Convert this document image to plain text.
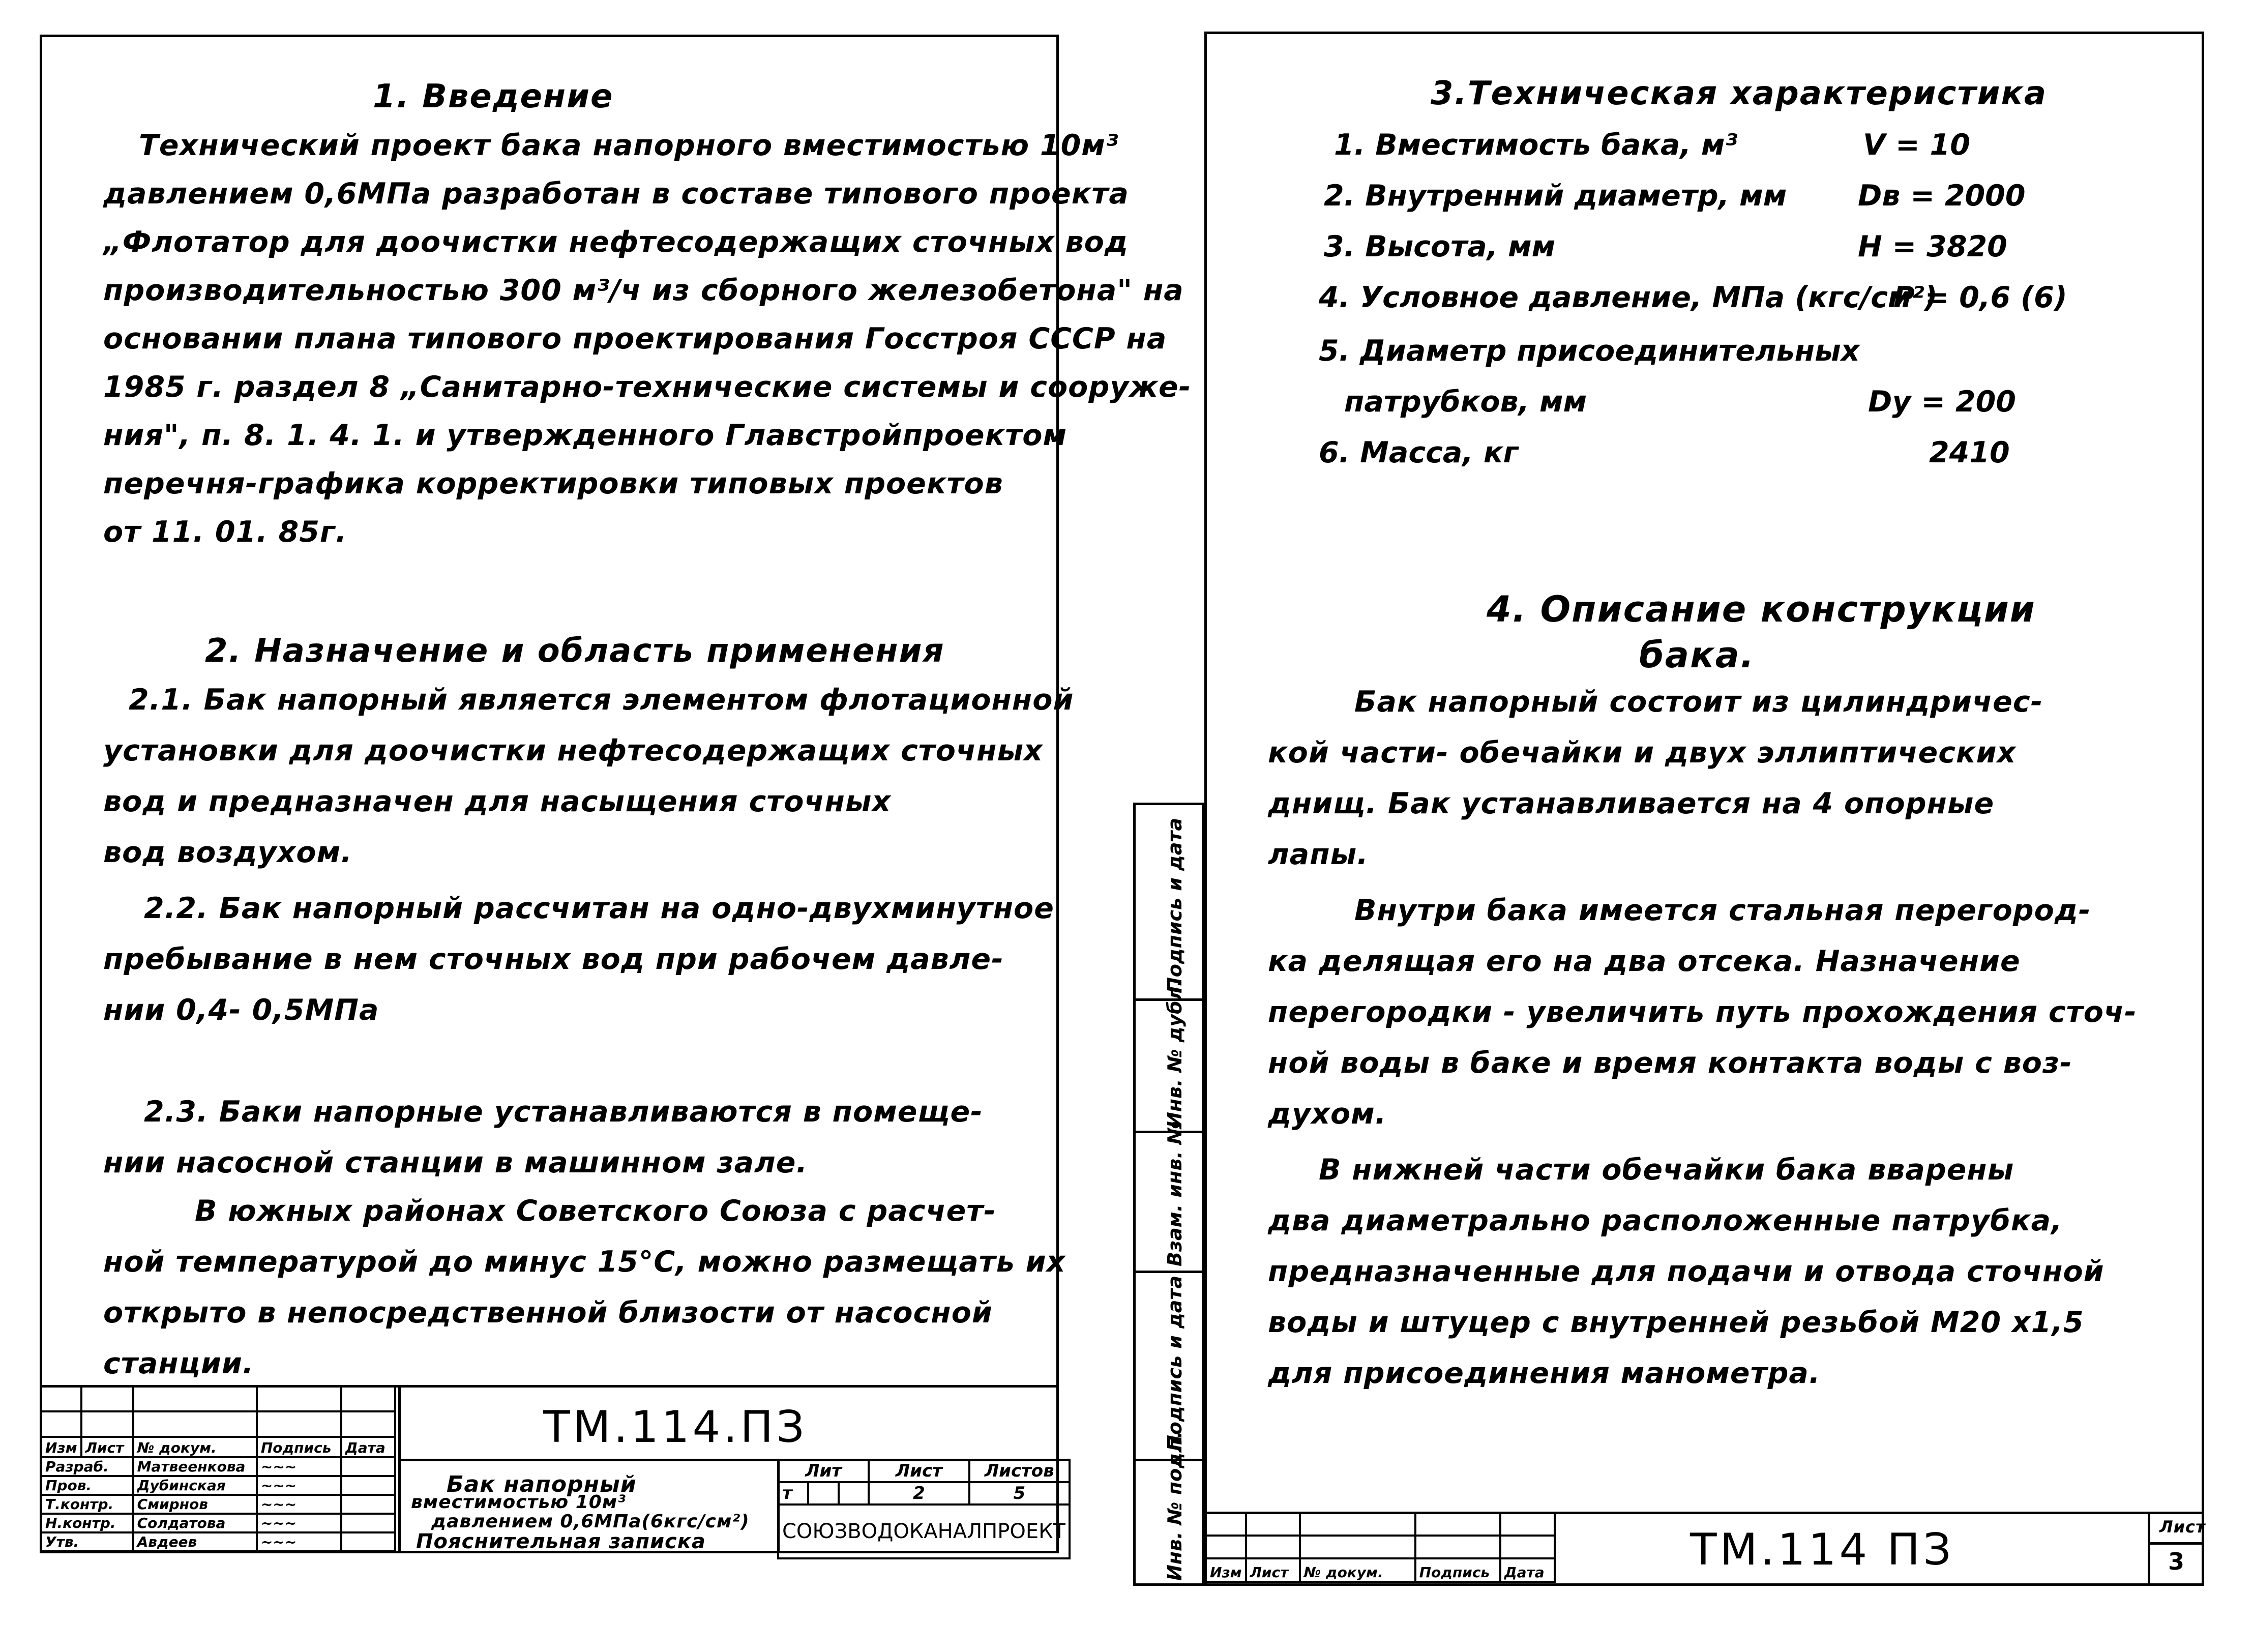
1. Введение
Технический проект бака напорного вместимостью 10м³
давлением 0,6МПа разработан в составе типового проекта
„Флотатор для доочистки нефтесодержащих сточных вод
производительностью 300 м³/ч из сборного железобетона" на
основании плана типового проектирования Госстроя СССР на
1985 г. раздел 8 „Санитарно-технические системы и сооруже-
ния", п. 8. 1. 4. 1. и утвержденного Главстройпроектом
перечня-графика корректировки типовых проектов
от 11. 01. 85г.
2. Назначение и область применения
2.1. Бак напорный является элементом флотационной
установки для доочистки нефтесодержащих сточных
вод и предназначен для насыщения сточных
вод воздухом.
2.2. Бак напорный рассчитан на одно-двухминутное
пребывание в нем сточных вод при рабочем давле-
нии 0,4- 0,5МПа
2.3. Баки напорные устанавливаются в помеще-
нии насосной станции в машинном зале.
В южных районах Советского Союза с расчет-
ной температурой до минус 15°С, можно размещать их
открыто в непосредственной близости от насосной
станции.

Изм	Лист	№ докум.	Подпись	Дата
Разраб.		Матвеенкова	~~~	
Пров.		Дубинская	~~~	
Т.контр.		Смирнов	~~~	
Н.контр.		Солдатова	~~~	
Утв.		Авдеев	~~~	
ТМ.114.ПЗ
Бак напорный
вместимостью 10м³
давлением 0,6МПа(6кгс/см²)
Пояснительная записка
Лит			Лист	Листов
т			2	5
СОЮЗВОДОКАНАЛПРОЕКТ				
3.Техническая характеристика
1. Вместимость бака, м³	V = 10
2. Внутренний диаметр, мм Dв = 2000
3. Высота, мм	H = 3820
4. Условное давление, МПа (кгс/см²)
P = 0,6 (6)
5. Диаметр присоединительных
патрубков, мм	Dу = 200
6. Масса, кг	2410
4. Описание конструкции
бака.
Бак напорный состоит из цилиндричес-
кой части- обечайки и двух эллиптических
днищ. Бак устанавливается на 4 опорные
лапы.
Внутри бака имеется стальная перегород-
ка делящая его на два отсека. Назначение
перегородки - увеличить путь прохождения сточ-
ной воды в баке и время контакта воды с воз-
духом.
В нижней части обечайки бака вварены
два диаметрально расположенные патрубка,
предназначенные для подачи и отвода сточной
воды и штуцер с внутренней резьбой М20 х1,5
для присоединения манометра.

Изм	Лист	№ докум.	Подпись	Дата	ТМ.114 ПЗ	Лист
3
Подпись и дата
Инв. № дубл.
Взам. инв. №
Подпись и дата
Инв. № подл.
